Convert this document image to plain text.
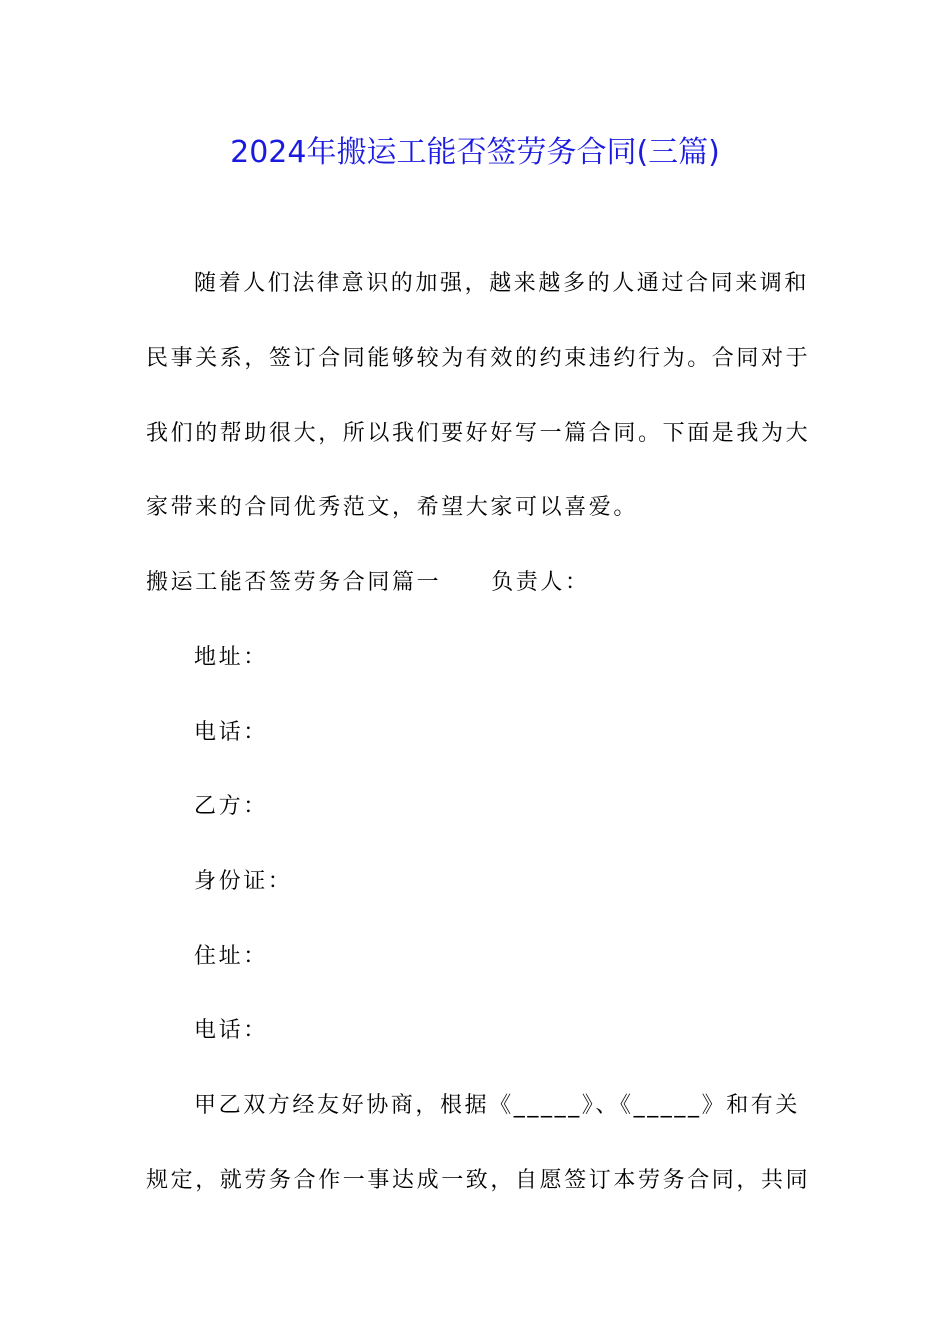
2024年搬运工能否签劳务合同(三篇)
随着人们法律意识的加强，越来越多的人通过合同来调和
民事关系，签订合同能够较为有效的约束违约行为。合同对于
我们的帮助很大，所以我们要好好写一篇合同。下面是我为大
家带来的合同优秀范文，希望大家可以喜爱。
搬运工能否签劳务合同篇一 负责人：
地址：
电话：
乙方：
身份证：
住址：
电话：
甲乙双方经友好协商，根据《_____》、《_____》和有关
规定，就劳务合作一事达成一致，自愿签订本劳务合同，共同
